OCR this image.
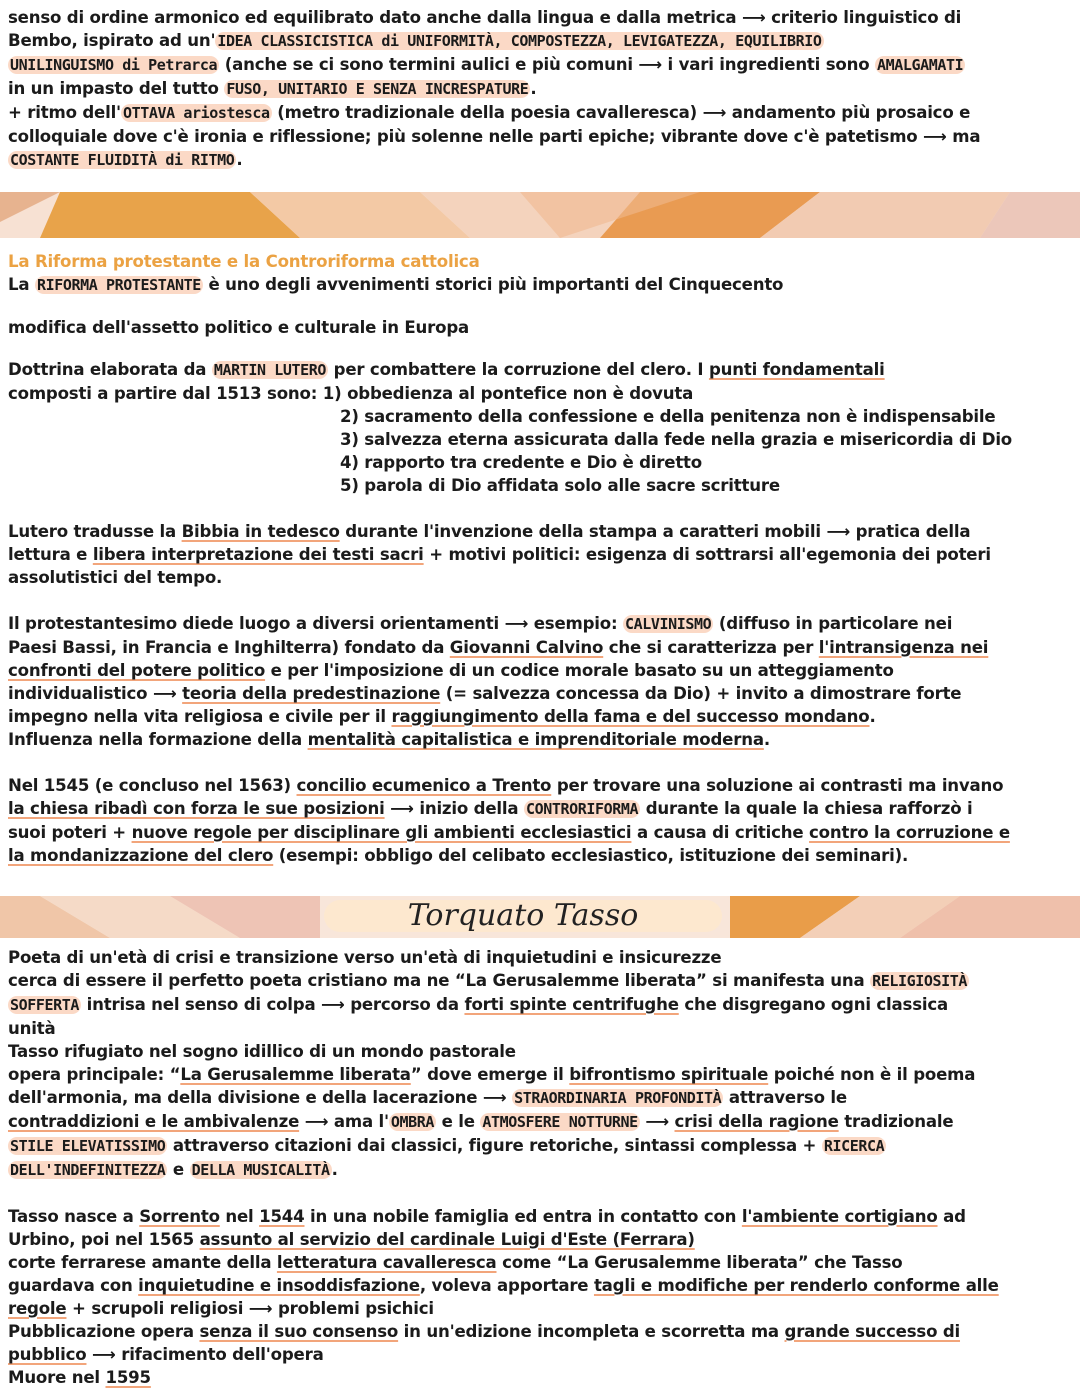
senso di ordine armonico ed equilibrato dato anche dalla lingua e dalla metrica ⟶ criterio linguistico di
Bembo, ispirato ad un' IDEA CLASSICISTICA di UNIFORMITÀ, COMPOSTEZZA, LEVIGATEZZA, EQUILIBRIO
UNILINGUISMO di Petrarca (anche se ci sono termini aulici e più comuni ⟶ i vari ingredienti sono AMALGAMATI
in un impasto del tutto FUSO, UNITARIO E SENZA INCRESPATURE .
+ ritmo dell' OTTAVA ariostesca (metro tradizionale della poesia cavalleresca) ⟶ andamento più prosaico e
colloquiale dove c'è ironia e riflessione; più solenne nelle parti epiche; vibrante dove c'è patetismo ⟶ ma
COSTANTE FLUIDITÀ di RITMO .
La Riforma protestante e la Controriforma cattolica
La RIFORMA PROTESTANTE è uno degli avvenimenti storici più importanti del Cinquecento
modifica dell'assetto politico e culturale in Europa
Dottrina elaborata da MARTIN LUTERO per combattere la corruzione del clero. I punti fondamentali
composti a partire dal 1513 sono: 1) obbedienza al pontefice non è dovuta
2) sacramento della confessione e della penitenza non è indispensabile
3) salvezza eterna assicurata dalla fede nella grazia e misericordia di Dio
4) rapporto tra credente e Dio è diretto
5) parola di Dio affidata solo alle sacre scritture
Lutero tradusse la Bibbia in tedesco durante l'invenzione della stampa a caratteri mobili ⟶ pratica della
lettura e libera interpretazione dei testi sacri + motivi politici: esigenza di sottrarsi all'egemonia dei poteri
assolutistici del tempo.
Il protestantesimo diede luogo a diversi orientamenti ⟶ esempio: CALVINISMO (diffuso in particolare nei
Paesi Bassi, in Francia e Inghilterra) fondato da Giovanni Calvino che si caratterizza per l'intransigenza nei
confronti del potere politico e per l'imposizione di un codice morale basato su un atteggiamento
individualistico ⟶ teoria della predestinazione (= salvezza concessa da Dio) + invito a dimostrare forte
impegno nella vita religiosa e civile per il raggiungimento della fama e del successo mondano.
Influenza nella formazione della mentalità capitalistica e imprenditoriale moderna.
Nel 1545 (e concluso nel 1563) concilio ecumenico a Trento per trovare una soluzione ai contrasti ma invano
la chiesa ribadì con forza le sue posizioni ⟶ inizio della CONTRORIFORMA durante la quale la chiesa rafforzò i
suoi poteri + nuove regole per disciplinare gli ambienti ecclesiastici a causa di critiche contro la corruzione e
la mondanizzazione del clero (esempi: obbligo del celibato ecclesiastico, istituzione dei seminari).
Torquato Tasso
Poeta di un'età di crisi e transizione verso un'età di inquietudini e insicurezze
cerca di essere il perfetto poeta cristiano ma ne “La Gerusalemme liberata” si manifesta una RELIGIOSITÀ
SOFFERTA intrisa nel senso di colpa ⟶ percorso da forti spinte centrifughe che disgregano ogni classica
unità
Tasso rifugiato nel sogno idillico di un mondo pastorale
opera principale: “La Gerusalemme liberata” dove emerge il bifrontismo spirituale poiché non è il poema
dell'armonia, ma della divisione e della lacerazione ⟶ STRAORDINARIA PROFONDITÀ attraverso le
contraddizioni e le ambivalenze ⟶ ama l' OMBRA e le ATMOSFERE NOTTURNE ⟶ crisi della ragione tradizionale
STILE ELEVATISSIMO attraverso citazioni dai classici, figure retoriche, sintassi complessa + RICERCA
DELL'INDEFINITEZZA e DELLA MUSICALITÀ .
Tasso nasce a Sorrento nel 1544 in una nobile famiglia ed entra in contatto con l'ambiente cortigiano ad
Urbino, poi nel 1565 assunto al servizio del cardinale Luigi d'Este (Ferrara)
corte ferrarese amante della letteratura cavalleresca come “La Gerusalemme liberata” che Tasso
guardava con inquietudine e insoddisfazione, voleva apportare tagli e modifiche per renderlo conforme alle
regole + scrupoli religiosi ⟶ problemi psichici
Pubblicazione opera senza il suo consenso in un'edizione incompleta e scorretta ma grande successo di
pubblico ⟶ rifacimento dell'opera
Muore nel 1595
